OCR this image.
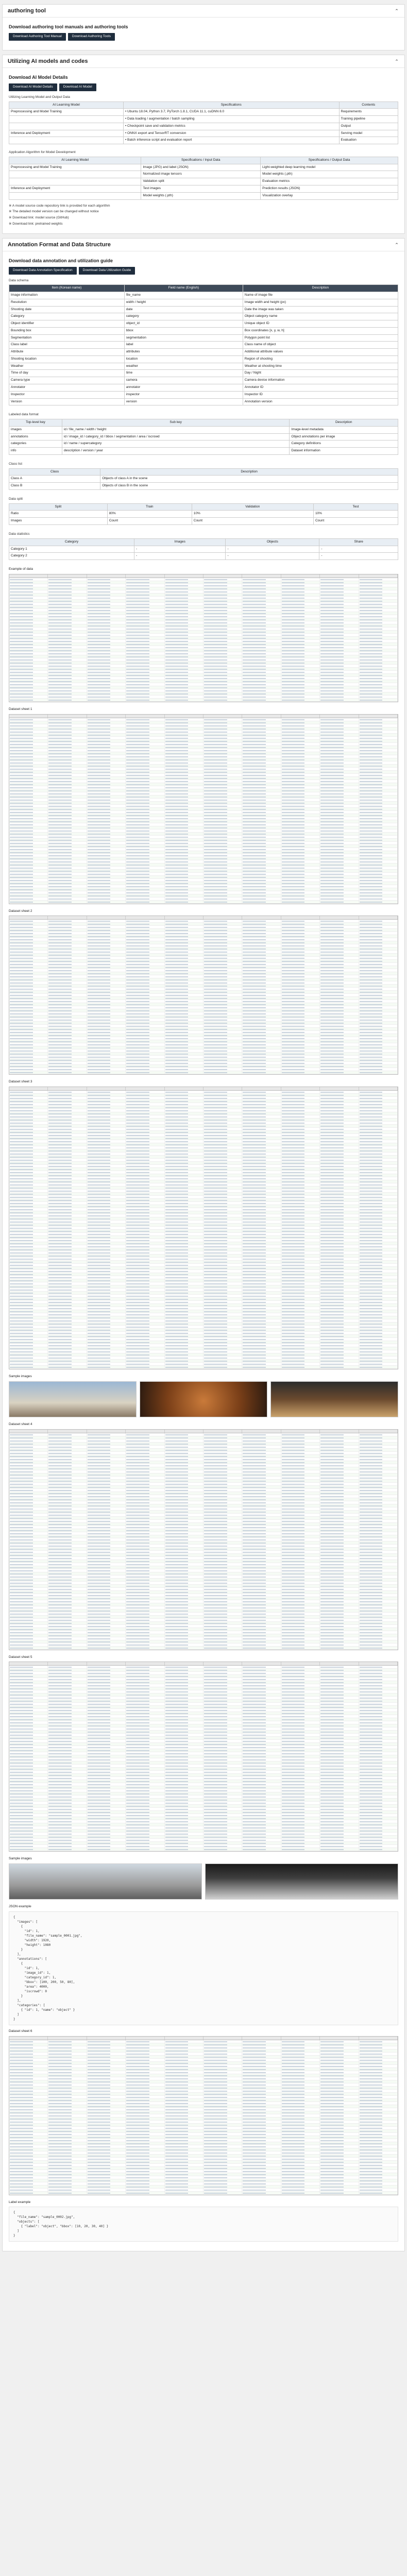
authoring tool	⌃
Download authoring tool manuals and authoring tools
Download Authoring Tool Manual	Download Authoring Tools
Utilizing AI models and codes	⌃
Download AI Model Details
Download AI Model Details	Download AI Model
Utilizing Learning Model and Output Data
AI Learning Model	Specifications	Contents
Preprocessing and Model Training	• Ubuntu 18.04, Python 3.7, PyTorch 1.8.1, CUDA 11.1, cuDNN 8.0	Requirements
	• Data loading / augmentation / batch sampling	Training pipeline
	• Checkpoint save and validation metrics	Output
Inference and Deployment	• ONNX export and TensorRT conversion	Serving model
	• Batch inference script and evaluation report	Evaluation
Application Algorithm for Model Development
AI Learning Model	Specifications / Input Data	Specifications / Output Data
Preprocessing and Model Training	Image (JPG) and label (JSON)	Light-weighted deep learning model
	Normalized image tensors	Model weights (.pth)
	Validation split	Evaluation metrics
Inference and Deployment	Test images	Prediction results (JSON)
	Model weights (.pth)	Visualization overlay
※ A model source code repository link is provided for each algorithm
※ The detailed model version can be changed without notice
※ Download link: model source (GitHub)
※ Download link: pretrained weights
Annotation Format and Data Structure	⌃
Download data annotation and utilization guide
Download Data Annotation Specification	Download Data Utilization Guide
Data schema
Item (Korean name)	Field name (English)	Description
Image information	file_name	Name of image file
Resolution	width / height	Image width and height (px)
Shooting date	date	Date the image was taken
Category	category	Object category name
Object identifier	object_id	Unique object ID
Bounding box	bbox	Box coordinates [x, y, w, h]
Segmentation	segmentation	Polygon point list
Class label	label	Class name of object
Attribute	attributes	Additional attribute values
Shooting location	location	Region of shooting
Weather	weather	Weather at shooting time
Time of day	time	Day / Night
Camera type	camera	Camera device information
Annotator	annotator	Annotator ID
Inspector	inspector	Inspector ID
Version	version	Annotation version
Labeled data format
Top-level key	Sub key	Description
images	id / file_name / width / height	Image-level metadata
annotations	id / image_id / category_id / bbox / segmentation / area / iscrowd	Object annotations per image
categories	id / name / supercategory	Category definitions
info	description / version / year	Dataset information
Class list
Class	Description
Class A	Objects of class A in the scene
Class B	Objects of class B in the scene
Data split
Split	Train	Validation	Test
Ratio	80%	10%	10%
Images	Count	Count	Count
Data statistics
Category	Images	Objects	Share
Category 1	-	-	-
Category 2	-	-	-
Example of data
Dataset sheet 1
Dataset sheet 2
Dataset sheet 3
Sample images
Dataset sheet 4
Dataset sheet 5
Sample images
JSON example
{
"images": [
{
"id": 1,
"file_name": "sample_0001.jpg",
"width": 1920,
"height": 1080
}
],
"annotations": [
{
"id": 1,
"image_id": 1,
"category_id": 1,
"bbox": [100, 200, 50, 80],
"area": 4000,
"iscrowd": 0
}
],
"categories": [
{ "id": 1, "name": "object" }
]
}
Dataset sheet 6
Label example
{
"file_name": "sample_0002.jpg",
"objects": [
{ "label": "object", "bbox": [10, 20, 30, 40] }
]
}
